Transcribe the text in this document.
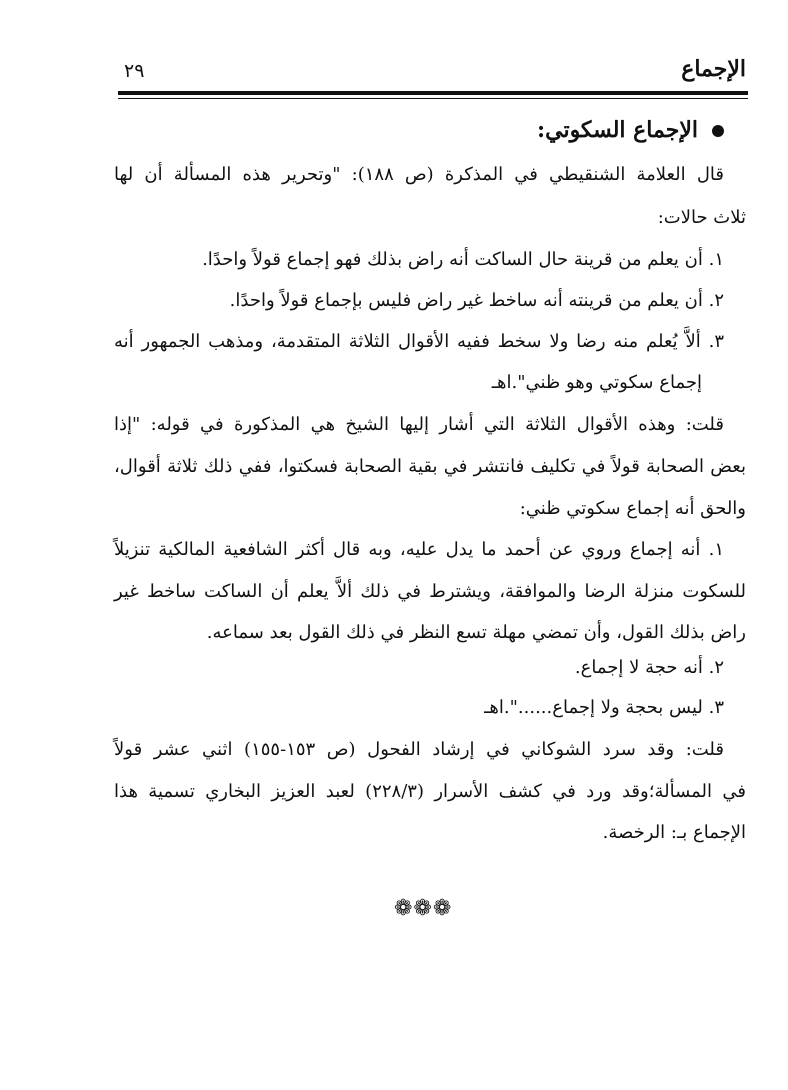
الإجماع
٢٩
الإجماع السكوتي:
قال العلامة الشنقيطي في المذكرة (ص ١٨٨): "وتحرير هذه المسألة أن لها
ثلاث حالات:
١. أن يعلم من قرينة حال الساكت أنه راض بذلك فهو إجماع قولاً واحدًا.
٢. أن يعلم من قرينته أنه ساخط غير راض فليس بإجماع قولاً واحدًا.
٣. ألاَّ يُعلم منه رضا ولا سخط ففيه الأقوال الثلاثة المتقدمة، ومذهب الجمهور أنه
إجماع سكوتي وهو ظني".اهـ
قلت: وهذه الأقوال الثلاثة التي أشار إليها الشيخ هي المذكورة في قوله: "إذا
بعض الصحابة قولاً في تكليف فانتشر في بقية الصحابة فسكتوا، ففي ذلك ثلاثة أقوال،
والحق أنه إجماع سكوتي ظني:
١. أنه إجماع وروي عن أحمد ما يدل عليه، وبه قال أكثر الشافعية المالكية تنزيلاً
للسكوت منزلة الرضا والموافقة، ويشترط في ذلك ألاَّ يعلم أن الساكت ساخط غير
راض بذلك القول، وأن تمضي مهلة تسع النظر في ذلك القول بعد سماعه.
٢. أنه حجة لا إجماع.
٣. ليس بحجة ولا إجماع......".اهـ
قلت: وقد سرد الشوكاني في إرشاد الفحول (ص ١٥٣-١٥٥) اثني عشر قولاً
في المسألة؛وقد ورد في كشف الأسرار (٢٢٨/٣) لعبد العزيز البخاري تسمية هذا
الإجماع بـ: الرخصة.
❁❁❁
